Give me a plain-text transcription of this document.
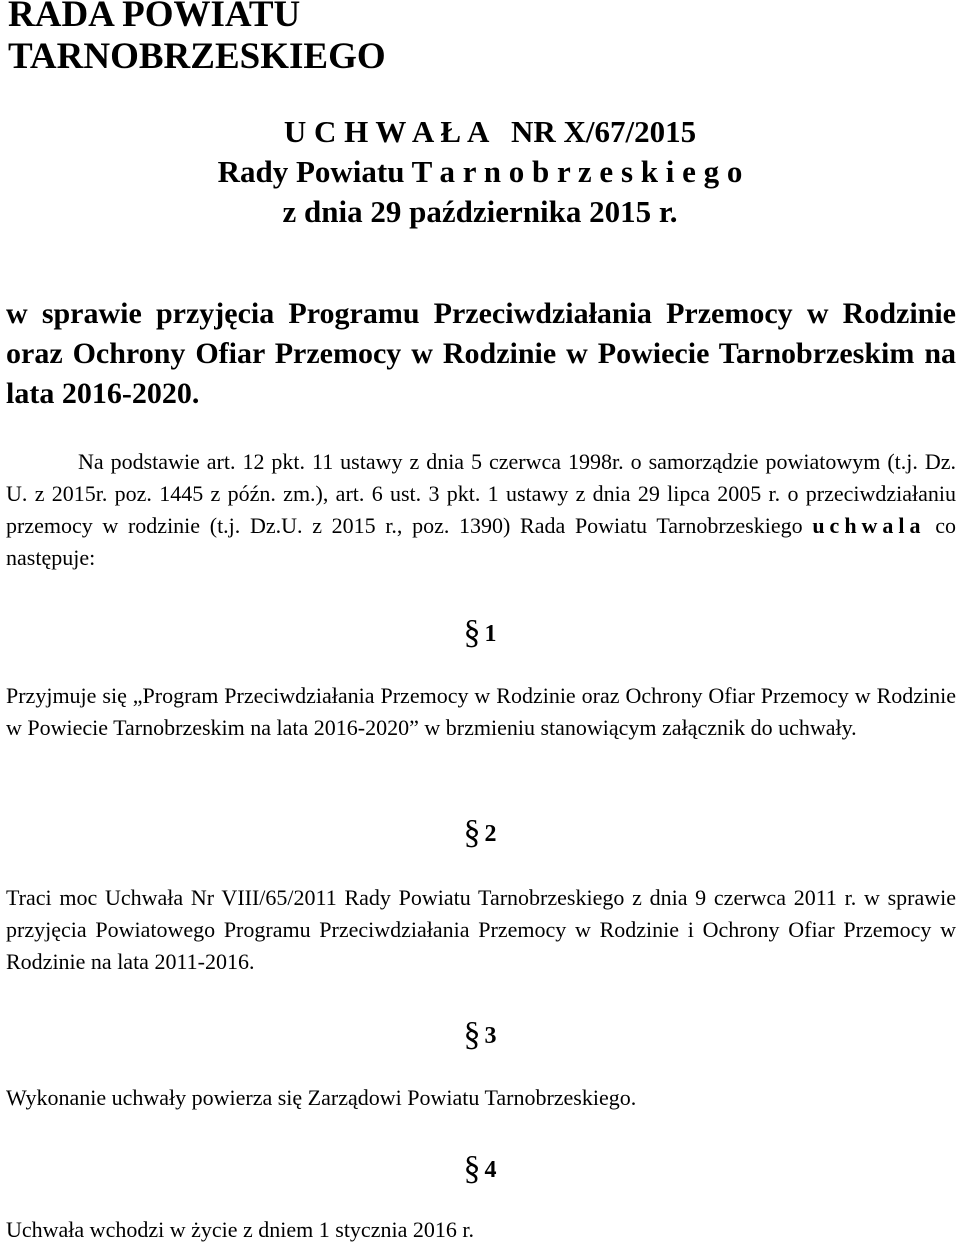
RADA POWIATU
TARNOBRZESKIEGO
U C H W A Ł A   NR X/67/2015
Rady Powiatu T a r n o b r z e s k i e g o
z dnia 29 października 2015 r.
w sprawie przyjęcia Programu Przeciwdziałania Przemocy w Rodzinie oraz Ochrony Ofiar Przemocy w Rodzinie w Powiecie Tarnobrzeskim na lata 2016-2020.
Na podstawie art. 12 pkt. 11 ustawy z dnia 5 czerwca 1998r. o samorządzie powiatowym (t.j. Dz. U. z 2015r. poz. 1445 z późn. zm.), art. 6 ust. 3 pkt. 1 ustawy z dnia 29 lipca 2005 r. o przeciwdziałaniu przemocy w rodzinie (t.j. Dz.U. z 2015 r., poz. 1390) Rada Powiatu Tarnobrzeskiego uchwala co następuje:
§ 1
Przyjmuje się „Program Przeciwdziałania Przemocy w Rodzinie oraz Ochrony Ofiar Przemocy w Rodzinie w Powiecie Tarnobrzeskim na lata 2016-2020” w brzmieniu stanowiącym załącznik do uchwały.
§ 2
Traci moc Uchwała Nr VIII/65/2011 Rady Powiatu Tarnobrzeskiego z dnia 9 czerwca 2011 r. w sprawie przyjęcia Powiatowego Programu Przeciwdziałania Przemocy w Rodzinie i Ochrony Ofiar Przemocy w Rodzinie na lata 2011-2016.
§ 3
Wykonanie uchwały powierza się Zarządowi Powiatu Tarnobrzeskiego.
§ 4
Uchwała wchodzi w życie z dniem 1 stycznia 2016 r.
